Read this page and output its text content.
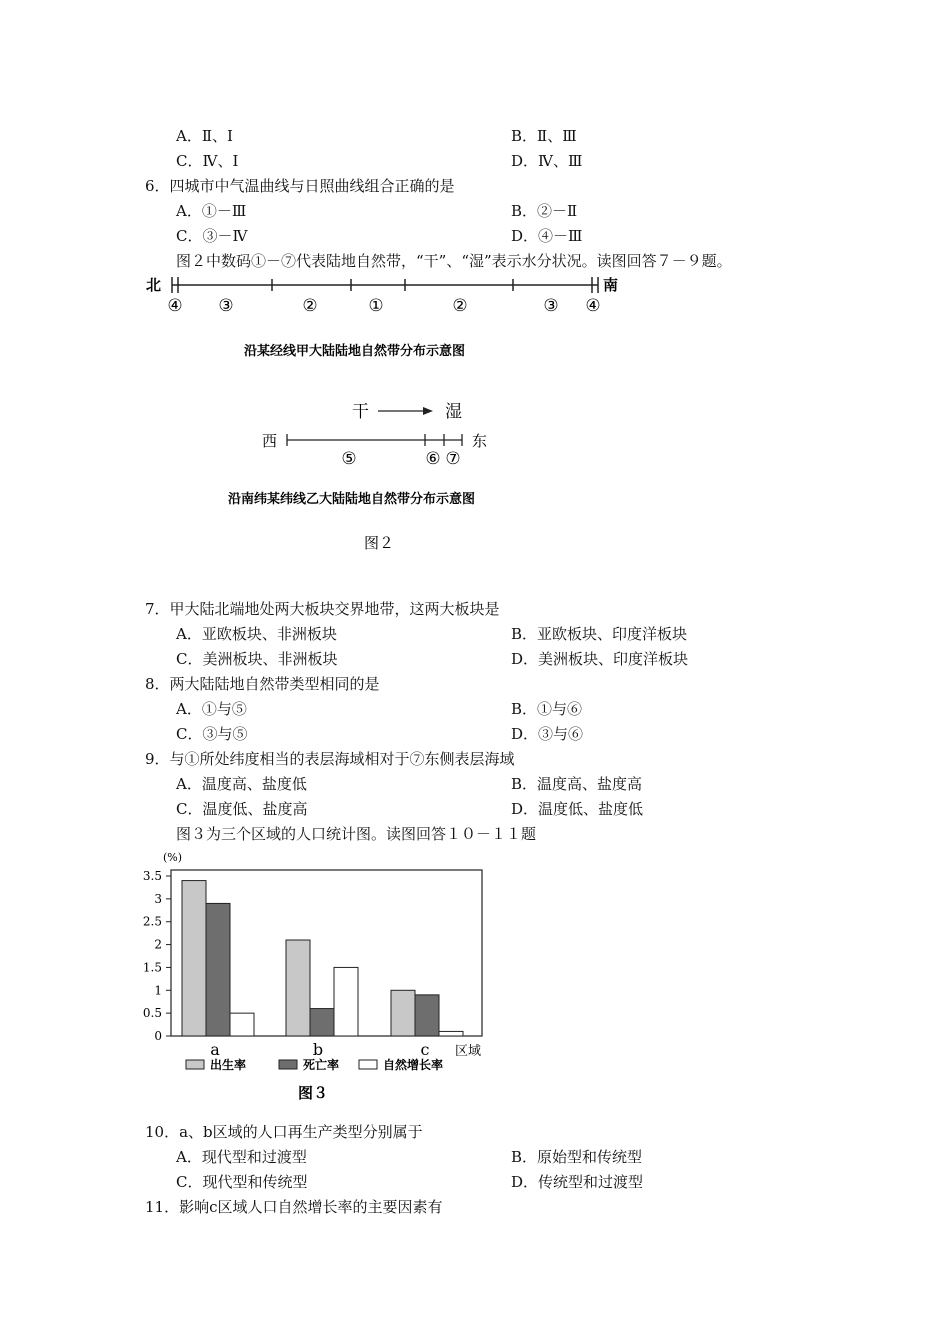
A．Ⅱ、Ⅰ	B．Ⅱ、Ⅲ
C．Ⅳ、Ⅰ	D．Ⅳ、Ⅲ
6．四城市中气温曲线与日照曲线组合正确的是
A．①－Ⅲ	B．②－Ⅱ
C．③－Ⅳ	D．④－Ⅲ
图２中数码①－⑦代表陆地自然带，“干”、“湿”表示水分状况。读图回答７－９题。
北	南
④ ③	②	①	②	③ ④
沿某经线甲大陆陆地自然带分布示意图
干	湿
西	东
⑤	⑥ ⑦
沿南纬某纬线乙大陆陆地自然带分布示意图
图２
7．甲大陆北端地处两大板块交界地带，这两大板块是
A．亚欧板块、非洲板块	B．亚欧板块、印度洋板块
C．美洲板块、非洲板块	D．美洲板块、印度洋板块
8．两大陆陆地自然带类型相同的是
A．①与⑤	B．①与⑥
C．③与⑤	D．③与⑥
9．与①所处纬度相当的表层海域相对于⑦东侧表层海域
A．温度高、盐度低	B．温度高、盐度高
C．温度低、盐度高	D．温度低、盐度低
图３为三个区域的人口统计图。读图回答１０－１１题
(%)
0
0.5
1
1.5
2
2.5
3
3.5
a	b	c 区域
出生率	死亡率	自然增长率
图３
10．a、b区域的人口再生产类型分别属于
A．现代型和过渡型	B．原始型和传统型
C．现代型和传统型	D．传统型和过渡型
11．影响c区域人口自然增长率的主要因素有
